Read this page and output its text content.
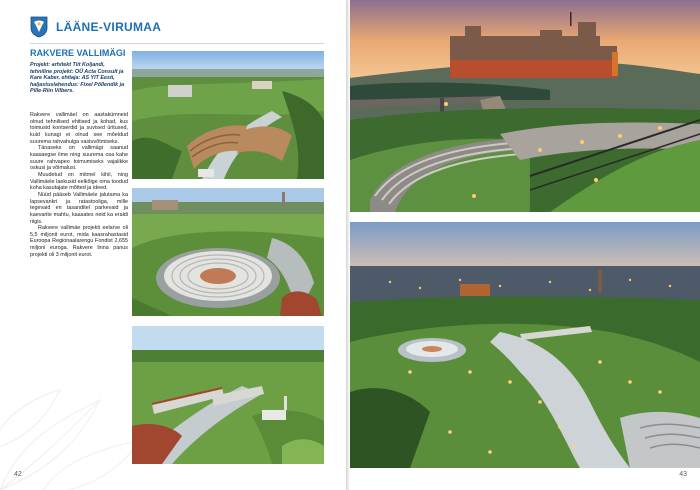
LÄÄNE-VIRUMAA
RAKVERE VALLIMÄGI
Projekt: arhitekt Tiit Koljandi, tehniline projekt: OÜ Acta Consult ja Kare Kaber, ehitaja: AS YIT Eesti, haljastuslahendus: Fixel Põllendik ja Pille-Riin Vilbers.

Rakvere vallimäel on aastakümneid olnud tehnilised ehitised ja kohad, kus toimusid kontserdid ja suvised üritused, kuid kunagi ei olnud see mõeldud suurema rahvahulga vastuvõtmiseks.

Tänaseks on vallimägi saanud kaasaegse ilme ning suurema osa kahe suure rahvapeo toimumiseks vajalikke oskusi ja võimalusi.

Muudetud on mitmel kihil, ning Vallimäele laekusid eelkõige oma toodud koha kasutajate mõtted ja ideed.

Nüüd pääseb Vallimäele jalutama ka lapsevankri ja ratastooliga, mille tegevaid eri tasanditel parkevaid ja kaevarite mahtu, kaasates neid ka eraldi riigis.

Rakvere vallimäe projekti eelarve oli 5,5 miljonit eurot, mida kaasrahastasid Euroopa Regionaalarengu Fondist 2,655 miljoni euroga. Rakvere linna panus projekti oli 3 miljonit eurot.

42	43
